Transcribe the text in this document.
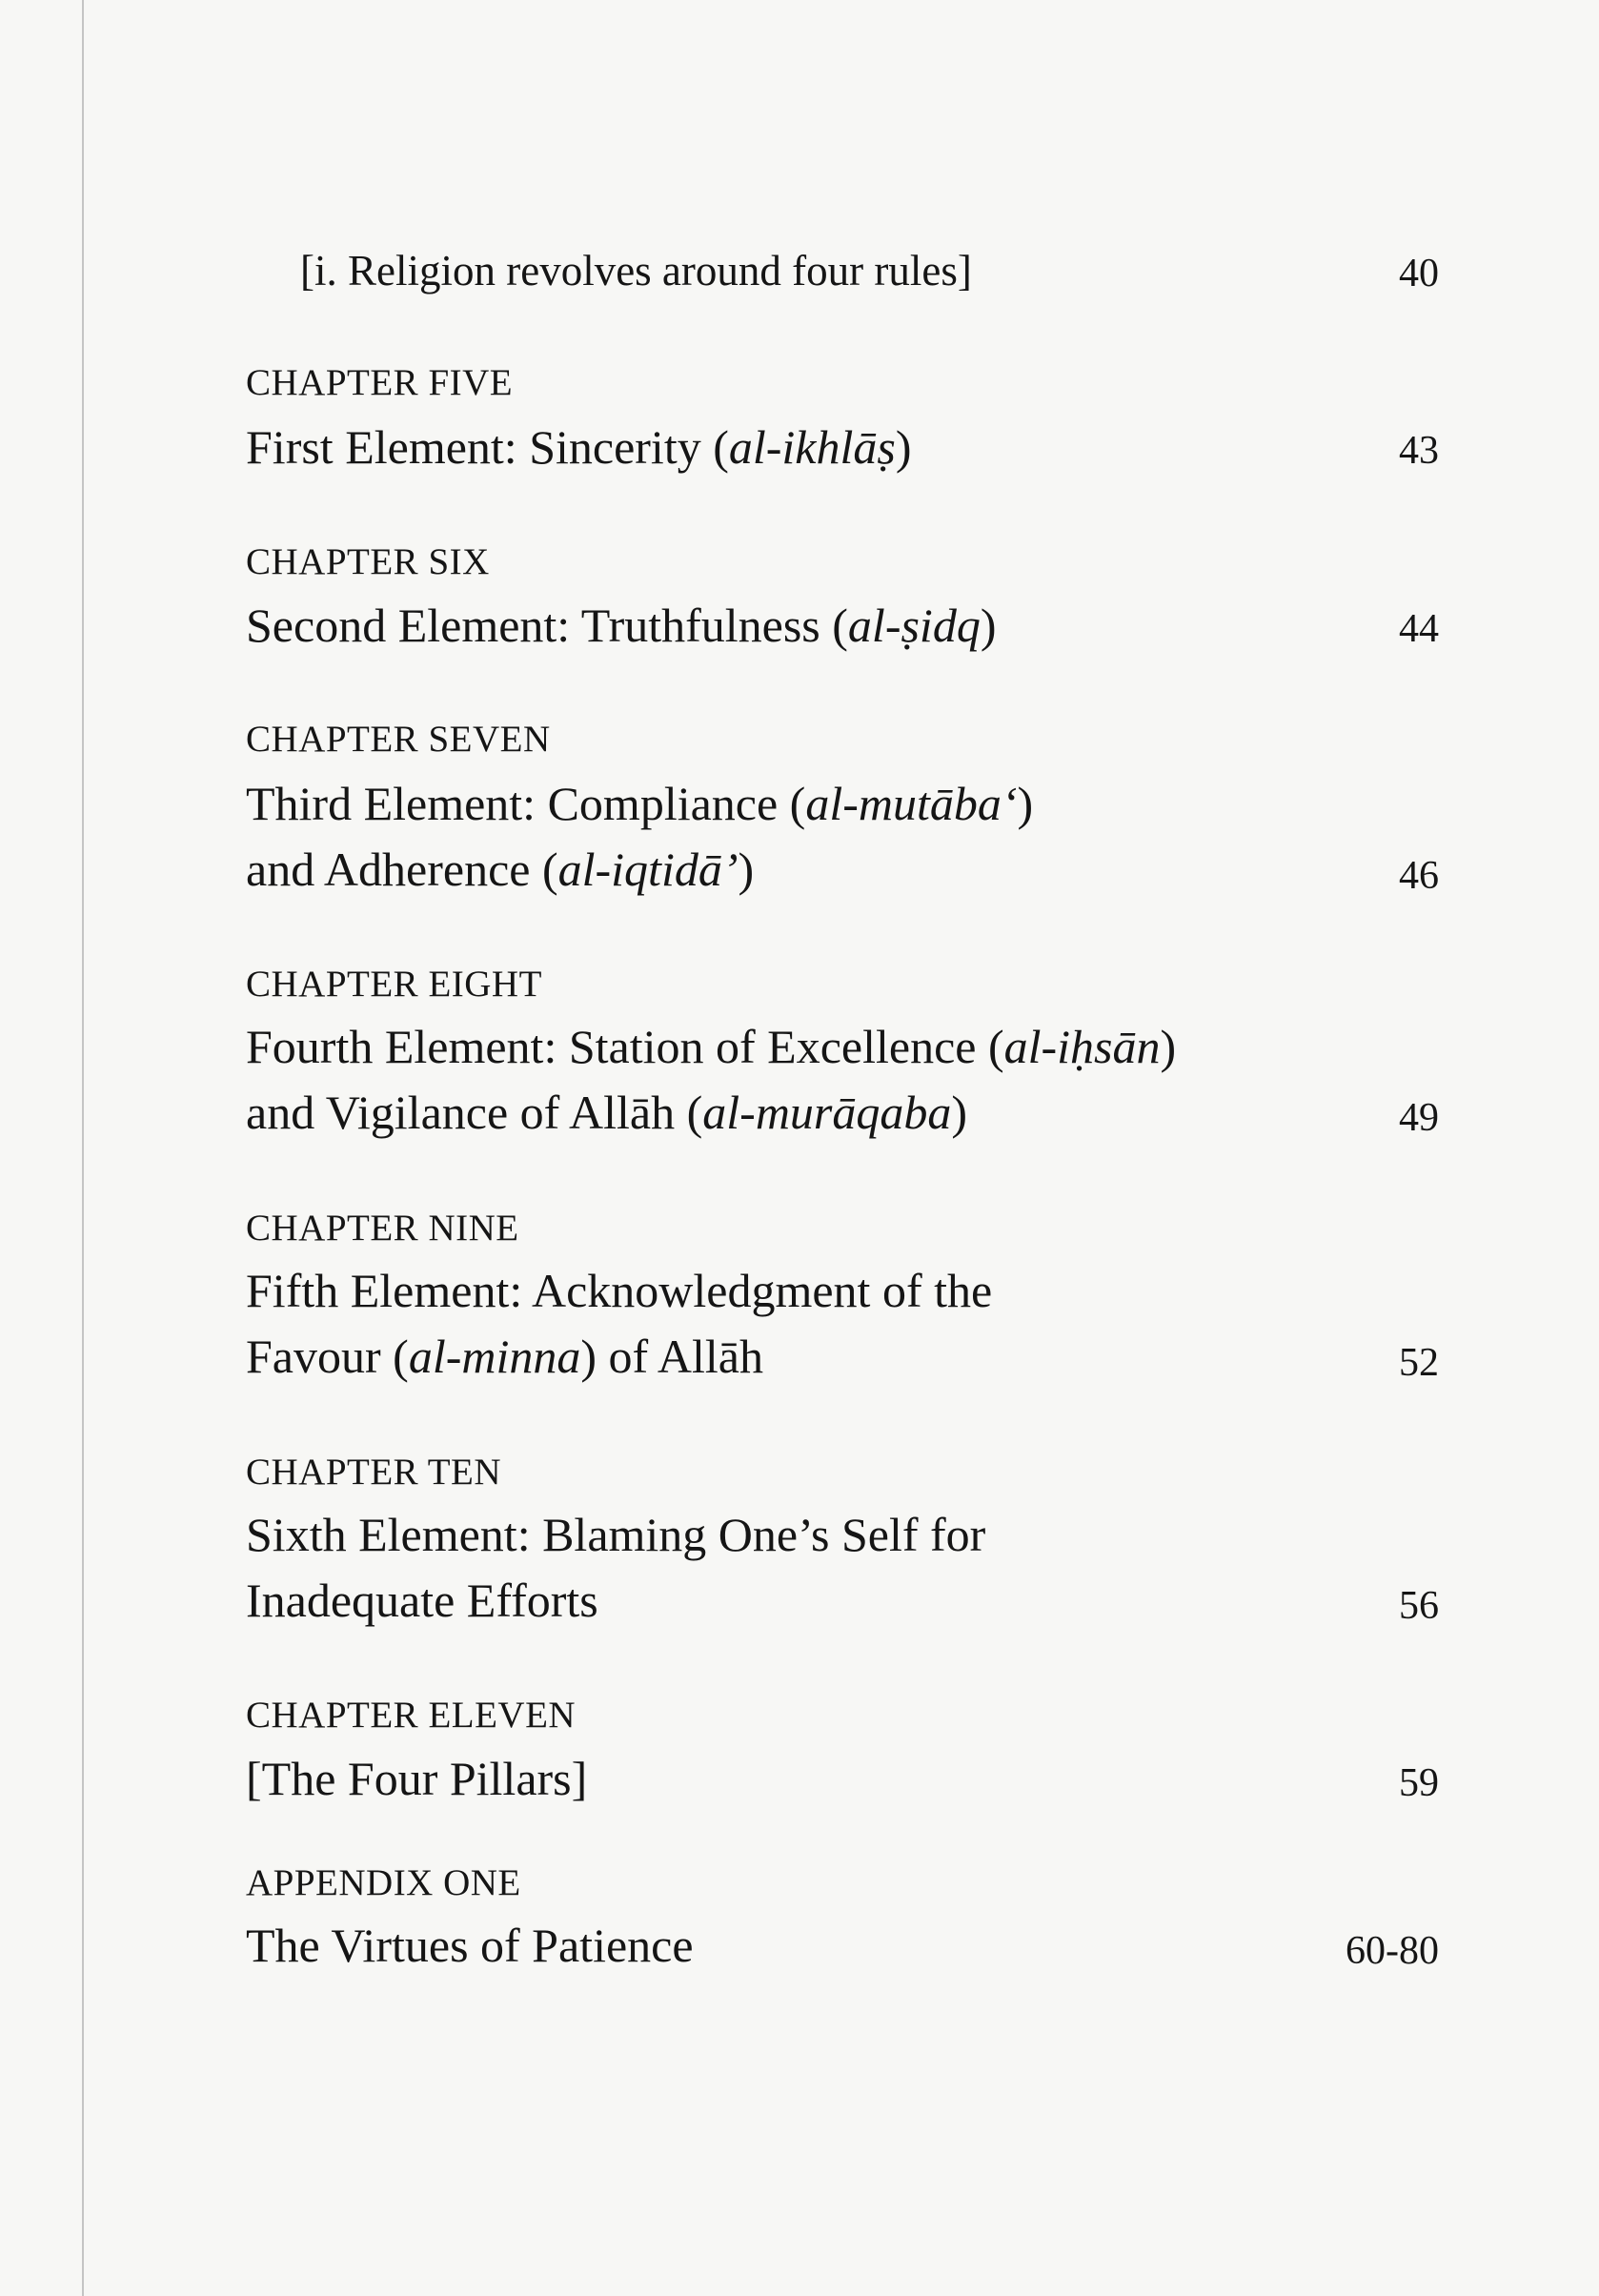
[i. Religion revolves around four rules]	40
CHAPTER FIVE
First Element: Sincerity (al-ikhlāṣ)	43
CHAPTER SIX
Second Element: Truthfulness (al-ṣidq)	44
CHAPTER SEVEN
Third Element: Compliance (al-mutāba‘)
and Adherence (al-iqtidā’)	46
CHAPTER EIGHT
Fourth Element: Station of Excellence (al-iḥsān)
and Vigilance of Allāh (al-murāqaba)	49
CHAPTER NINE
Fifth Element: Acknowledgment of the
Favour (al-minna) of Allāh	52
CHAPTER TEN
Sixth Element: Blaming One’s Self for
Inadequate Efforts	56
CHAPTER ELEVEN
[The Four Pillars]	59
APPENDIX ONE
The Virtues of Patience	60-80
